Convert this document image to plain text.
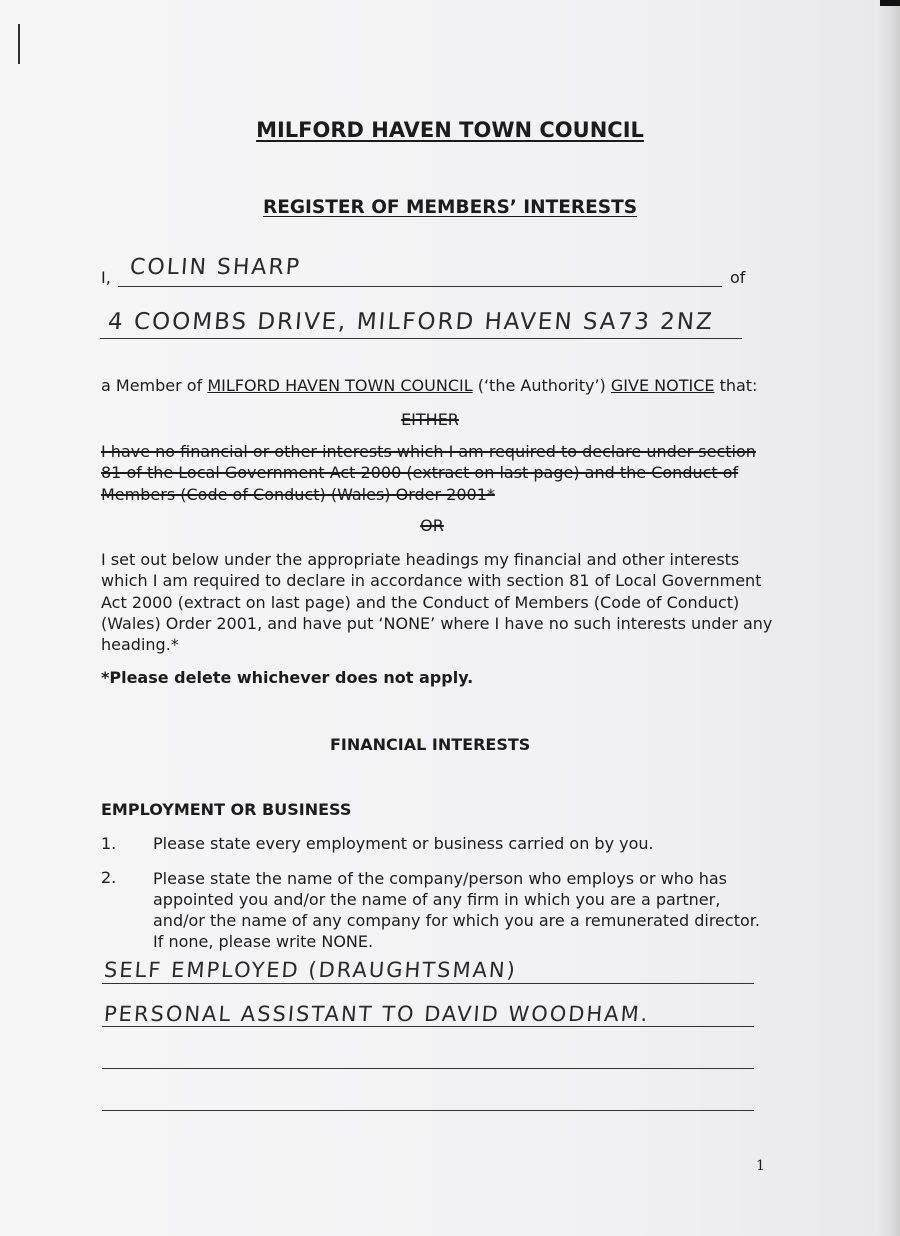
MILFORD HAVEN TOWN COUNCIL
REGISTER OF MEMBERS’ INTERESTS
I, COLIN SHARP	of
4 COOMBS DRIVE, MILFORD HAVEN SA73 2NZ
a Member of MILFORD HAVEN TOWN COUNCIL (‘the Authority’) GIVE NOTICE that:
EITHER
I have no financial or other interests which I am required to declare under section
81 of the Local Government Act 2000 (extract on last page) and the Conduct of
Members (Code of Conduct) (Wales) Order 2001*
OR
I set out below under the appropriate headings my financial and other interests
which I am required to declare in accordance with section 81 of Local Government
Act 2000 (extract on last page) and the Conduct of Members (Code of Conduct)
(Wales) Order 2001, and have put ‘NONE’ where I have no such interests under any
heading.*
*Please delete whichever does not apply.
FINANCIAL INTERESTS
EMPLOYMENT OR BUSINESS
1. Please state every employment or business carried on by you.
2. Please state the name of the company/person who employs or who has
appointed you and/or the name of any firm in which you are a partner,
and/or the name of any company for which you are a remunerated director.
If none, please write NONE.
SELF EMPLOYED (DRAUGHTSMAN)
PERSONAL ASSISTANT TO DAVID WOODHAM.
1
